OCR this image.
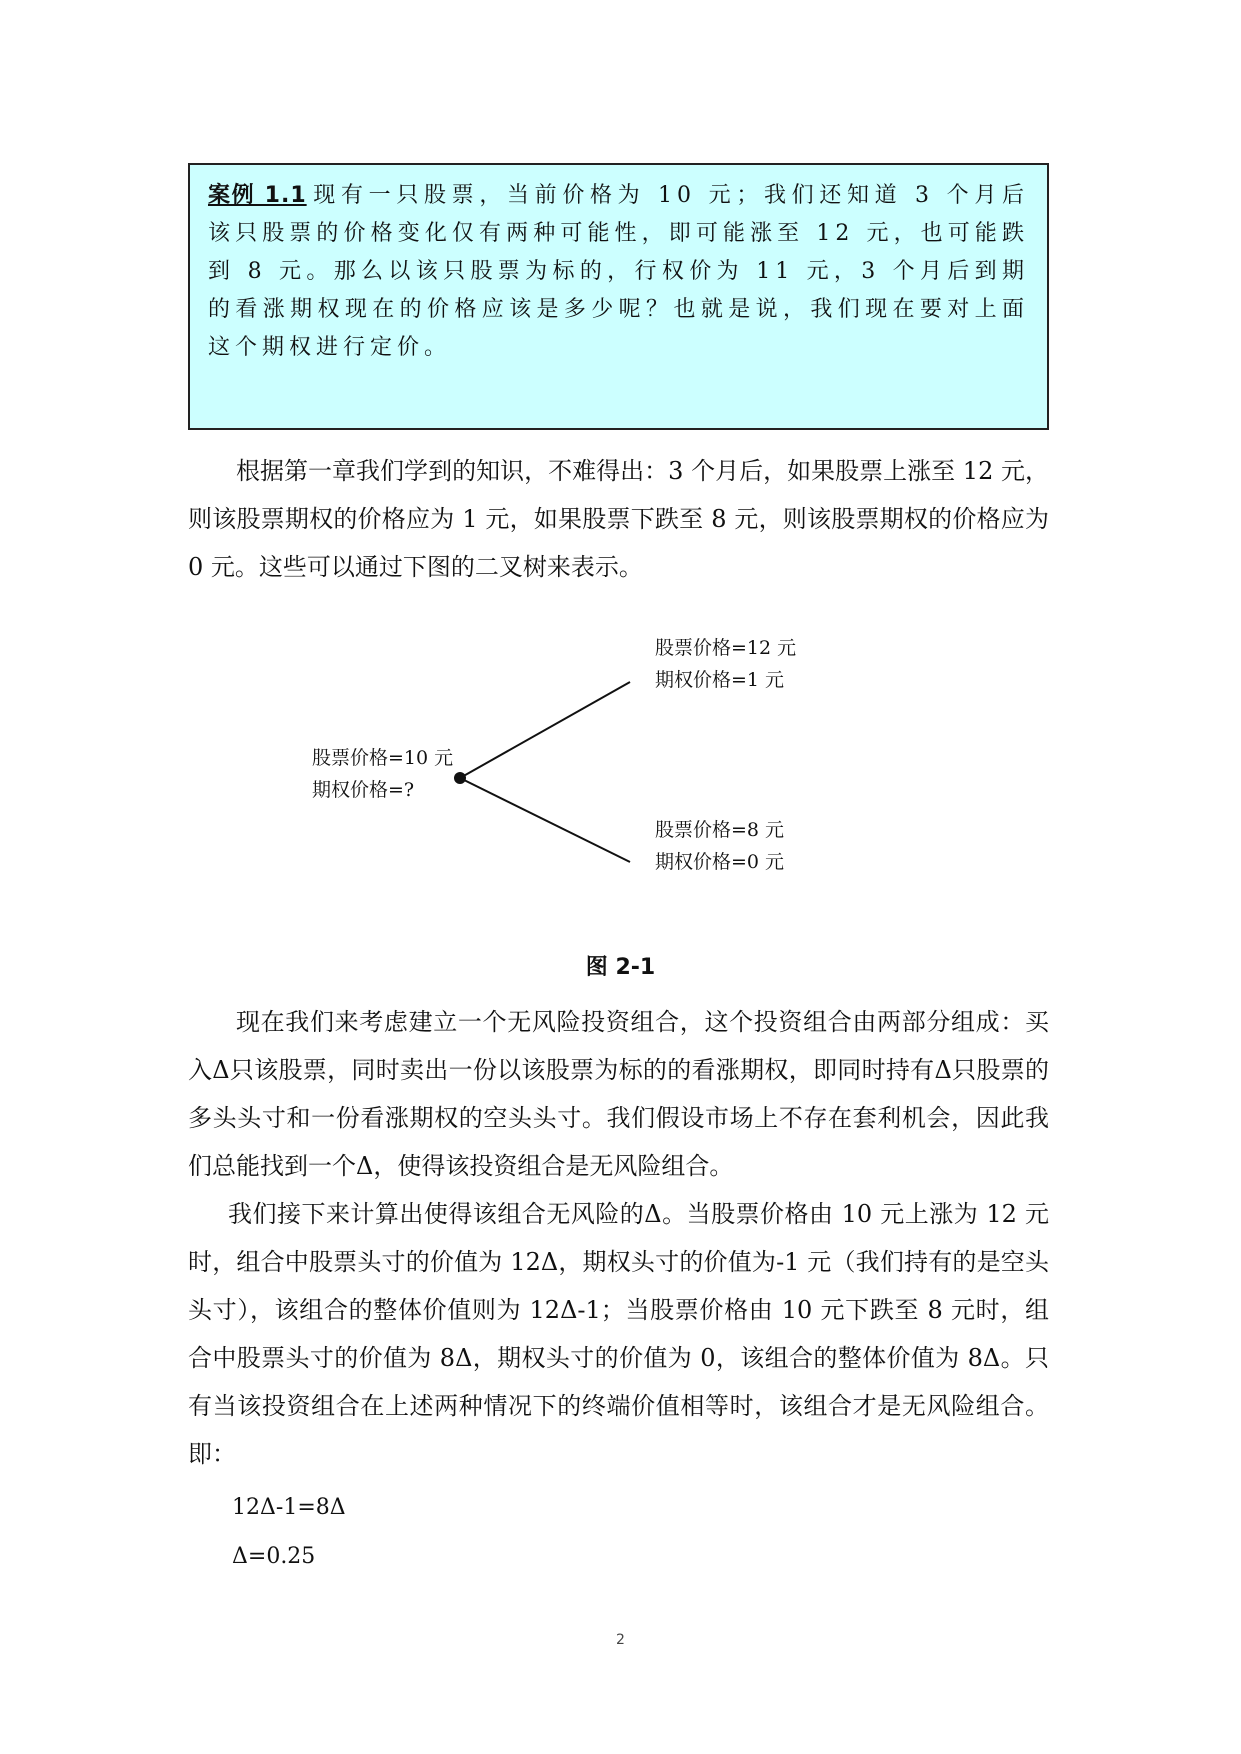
案例 1.1 现有一只股票，当前价格为 10 元；我们还知道 3 个月后该只股票的价格变化仅有两种可能性，即可能涨至 12 元，也可能跌到 8 元。那么以该只股票为标的，行权价为 11 元，3 个月后到期的看涨期权现在的价格应该是多少呢？也就是说，我们现在要对上面这个期权进行定价。

根据第一章我们学到的知识，不难得出：3 个月后，如果股票上涨至 12 元，则该股票期权的价格应为 1 元，如果股票下跌至 8 元，则该股票期权的价格应为 0 元。这些可以通过下图的二叉树来表示。

股票价格=12 元
期权价格=1 元
股票价格=10 元
期权价格=?
股票价格=8 元
期权价格=0 元
图 2-1

现在我们来考虑建立一个无风险投资组合，这个投资组合由两部分组成：买入Δ只该股票，同时卖出一份以该股票为标的的看涨期权，即同时持有Δ只股票的多头头寸和一份看涨期权的空头头寸。我们假设市场上不存在套利机会，因此我们总能找到一个Δ，使得该投资组合是无风险组合。

我们接下来计算出使得该组合无风险的Δ。当股票价格由 10 元上涨为 12 元时，组合中股票头寸的价值为 12Δ，期权头寸的价值为-1 元（我们持有的是空头头寸），该组合的整体价值则为 12Δ-1；当股票价格由 10 元下跌至 8 元时，组合中股票头寸的价值为 8Δ，期权头寸的价值为 0，该组合的整体价值为 8Δ。只有当该投资组合在上述两种情况下的终端价值相等时，该组合才是无风险组合。即：

12Δ-1=8Δ
Δ=0.25
2
